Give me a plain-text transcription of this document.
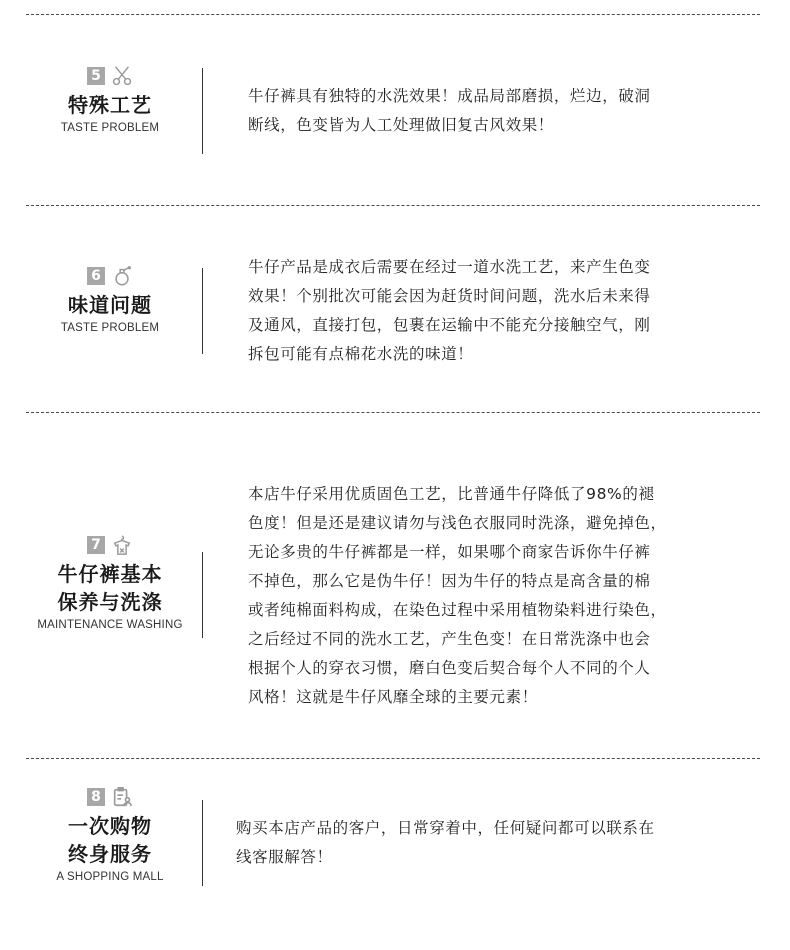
5
特殊工艺
TASTE PROBLEM
牛仔裤具有独特的水洗效果！成品局部磨损，烂边，破洞
断线，色变皆为人工处理做旧复古风效果！
6
味道问题
TASTE PROBLEM
牛仔产品是成衣后需要在经过一道水洗工艺，来产生色变
效果！个别批次可能会因为赶货时间问题，洗水后未来得
及通风，直接打包，包裹在运输中不能充分接触空气，刚
拆包可能有点棉花水洗的味道！
7
牛仔裤基本
保养与洗涤
MAINTENANCE WASHING
本店牛仔采用优质固色工艺，比普通牛仔降低了98%的褪
色度！但是还是建议请勿与浅色衣服同时洗涤，避免掉色，
无论多贵的牛仔裤都是一样，如果哪个商家告诉你牛仔裤
不掉色，那么它是伪牛仔！因为牛仔的特点是高含量的棉
或者纯棉面料构成，在染色过程中采用植物染料进行染色，
之后经过不同的洗水工艺，产生色变！在日常洗涤中也会
根据个人的穿衣习惯，磨白色变后契合每个人不同的个人
风格！这就是牛仔风靡全球的主要元素！
8
一次购物
终身服务
A SHOPPING MALL
购买本店产品的客户，日常穿着中，任何疑问都可以联系在
线客服解答！
